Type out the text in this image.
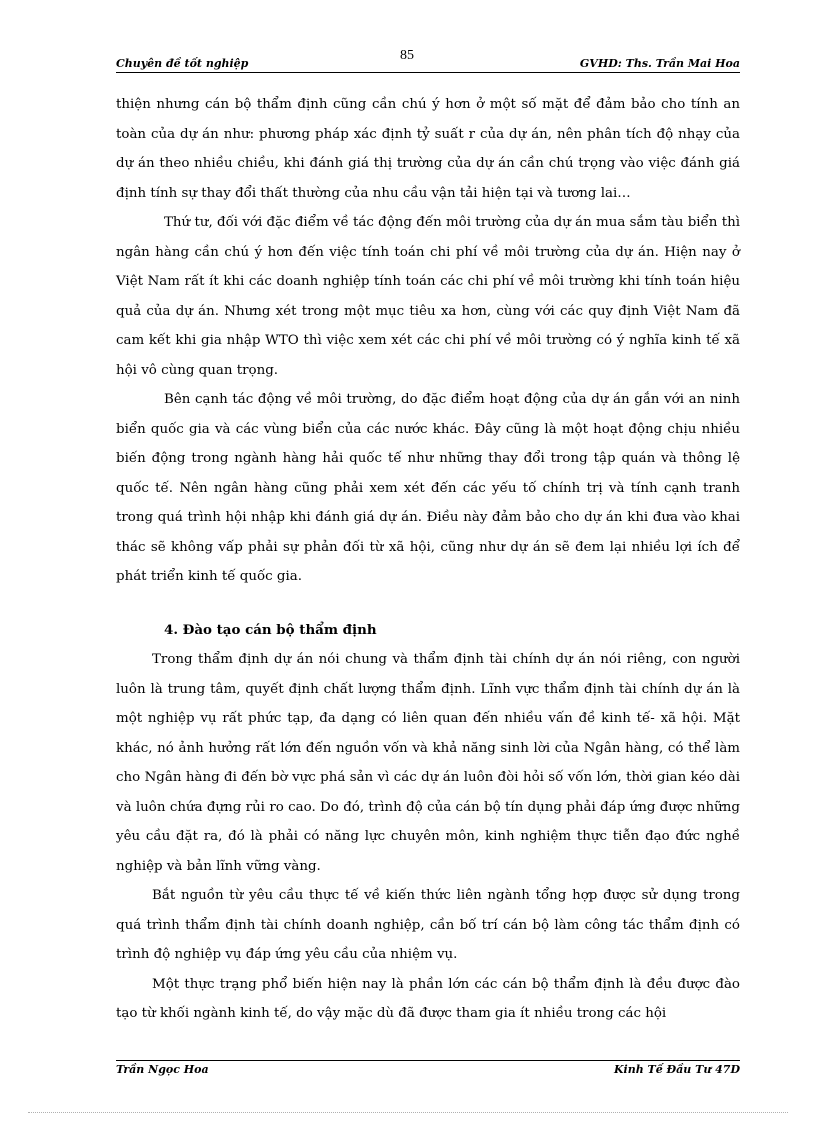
Chuyên đề tốt nghiệp
85
GVHD: Ths. Trần Mai Hoa

thiện nhưng cán bộ thẩm định cũng cần chú ý hơn ở một số mặt để đảm bảo cho tính an toàn của dự án như: phương pháp xác định tỷ suất r của dự án, nên phân tích độ nhạy của dự án theo nhiều chiều, khi đánh giá thị trường của dự án cần chú trọng vào việc đánh giá định tính sự thay đổi thất thường của nhu cầu vận tải hiện tại và tương lai…

Thứ tư, đối với đặc điểm về tác động đến môi trường của dự án mua sắm tàu biển thì ngân hàng cần chú ý hơn đến việc tính toán chi phí về môi trường của dự án. Hiện nay ở Việt Nam rất ít khi các doanh nghiệp tính toán các chi phí về môi trường khi tính toán hiệu quả của dự án. Nhưng xét trong một mục tiêu xa hơn, cùng với các quy định Việt Nam đã cam kết khi gia nhập WTO thì việc xem xét các chi phí về môi trường có ý nghĩa kinh tế xã hội vô cùng quan trọng.

Bên cạnh tác động về môi trường, do đặc điểm hoạt động của dự án gắn với an ninh biển quốc gia và các vùng biển của các nước khác. Đây cũng là một hoạt động chịu nhiều biến động trong ngành hàng hải quốc tế như những thay đổi trong tập quán và thông lệ quốc tế. Nên ngân hàng cũng phải xem xét đến các yếu tố chính trị và tính cạnh tranh trong quá trình hội nhập khi đánh giá dự án. Điều này đảm bảo cho dự án khi đưa vào khai thác sẽ không vấp phải sự phản đối từ xã hội, cũng như dự án sẽ đem lại nhiều lợi ích để phát triển kinh tế quốc gia.

4. Đào tạo cán bộ thẩm định

Trong thẩm định dự án nói chung và thẩm định tài chính dự án nói riêng, con người luôn là trung tâm, quyết định chất lượng thẩm định. Lĩnh vực thẩm định tài chính dự án là một nghiệp vụ rất phức tạp, đa dạng có liên quan đến nhiều vấn đề kinh tế- xã hội. Mặt khác, nó ảnh hưởng rất lớn đến nguồn vốn và khả năng sinh lời của Ngân hàng, có thể làm cho Ngân hàng đi đến bờ vực phá sản vì các dự án luôn đòi hỏi số vốn lớn, thời gian kéo dài và luôn chứa đựng rủi ro cao. Do đó, trình độ của cán bộ tín dụng phải đáp ứng được những yêu cầu đặt ra, đó là phải có năng lực chuyên môn, kinh nghiệm thực tiễn đạo đức nghề nghiệp và bản lĩnh vững vàng.

Bắt nguồn từ yêu cầu thực tế về kiến thức liên ngành tổng hợp được sử dụng trong quá trình thẩm định tài chính doanh nghiệp, cần bố trí cán bộ làm công tác thẩm định có trình độ nghiệp vụ đáp ứng yêu cầu của nhiệm vụ.

Một thực trạng phổ biến hiện nay là phần lớn các cán bộ thẩm định là đều được đào tạo từ khối ngành kinh tế, do vậy mặc dù đã được tham gia ít nhiều trong các hội

Trần Ngọc Hoa	Kinh Tế Đầu Tư 47D
